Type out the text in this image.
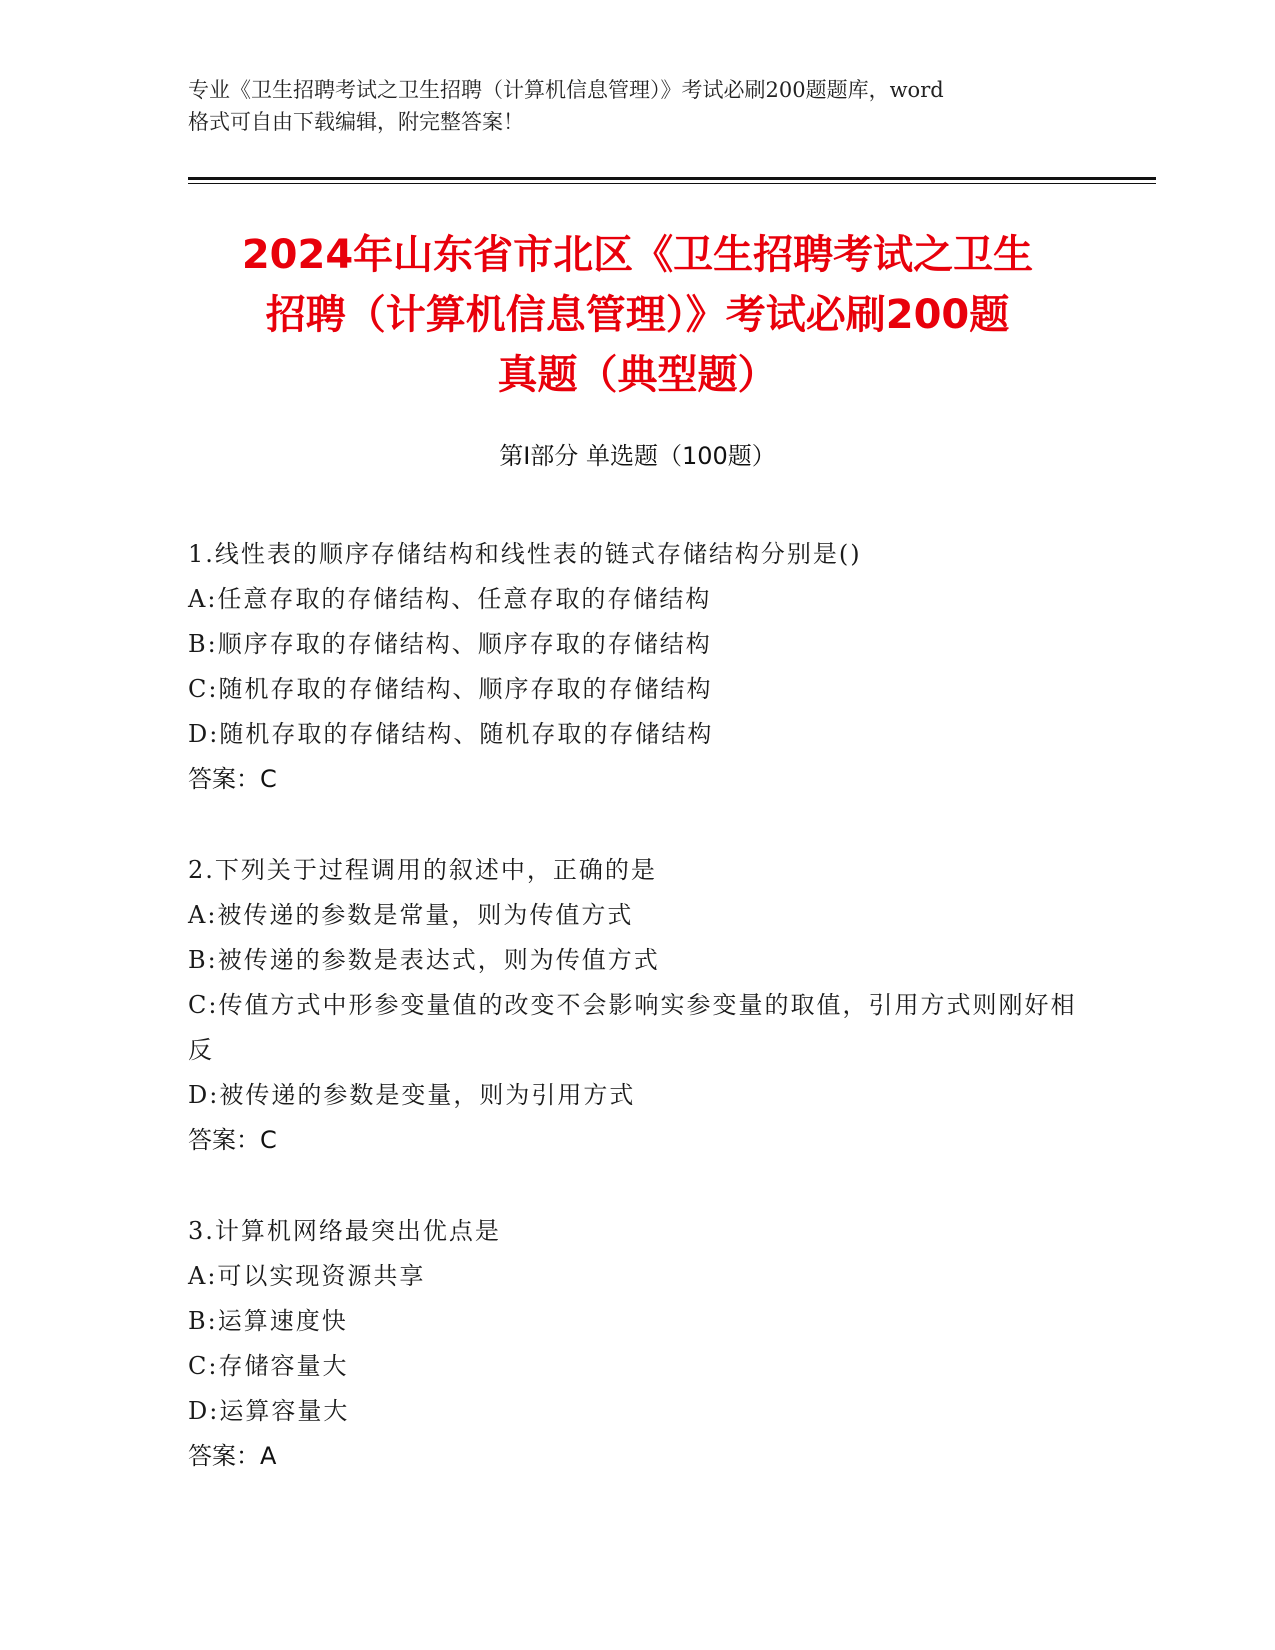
专业《卫生招聘考试之卫生招聘（计算机信息管理）》考试必刷200题题库，word
格式可自由下载编辑，附完整答案！
2024年山东省市北区《卫生招聘考试之卫生
招聘（计算机信息管理）》考试必刷200题
真题（典型题）
第Ⅰ部分 单选题（100题）
1.线性表的顺序存储结构和线性表的链式存储结构分别是()
A:任意存取的存储结构、任意存取的存储结构
B:顺序存取的存储结构、顺序存取的存储结构
C:随机存取的存储结构、顺序存取的存储结构
D:随机存取的存储结构、随机存取的存储结构
答案：C
2.下列关于过程调用的叙述中，正确的是
A:被传递的参数是常量，则为传值方式
B:被传递的参数是表达式，则为传值方式
C:传值方式中形参变量值的改变不会影响实参变量的取值，引用方式则刚好相反
D:被传递的参数是变量，则为引用方式
答案：C
3.计算机网络最突出优点是
A:可以实现资源共享
B:运算速度快
C:存储容量大
D:运算容量大
答案：A
